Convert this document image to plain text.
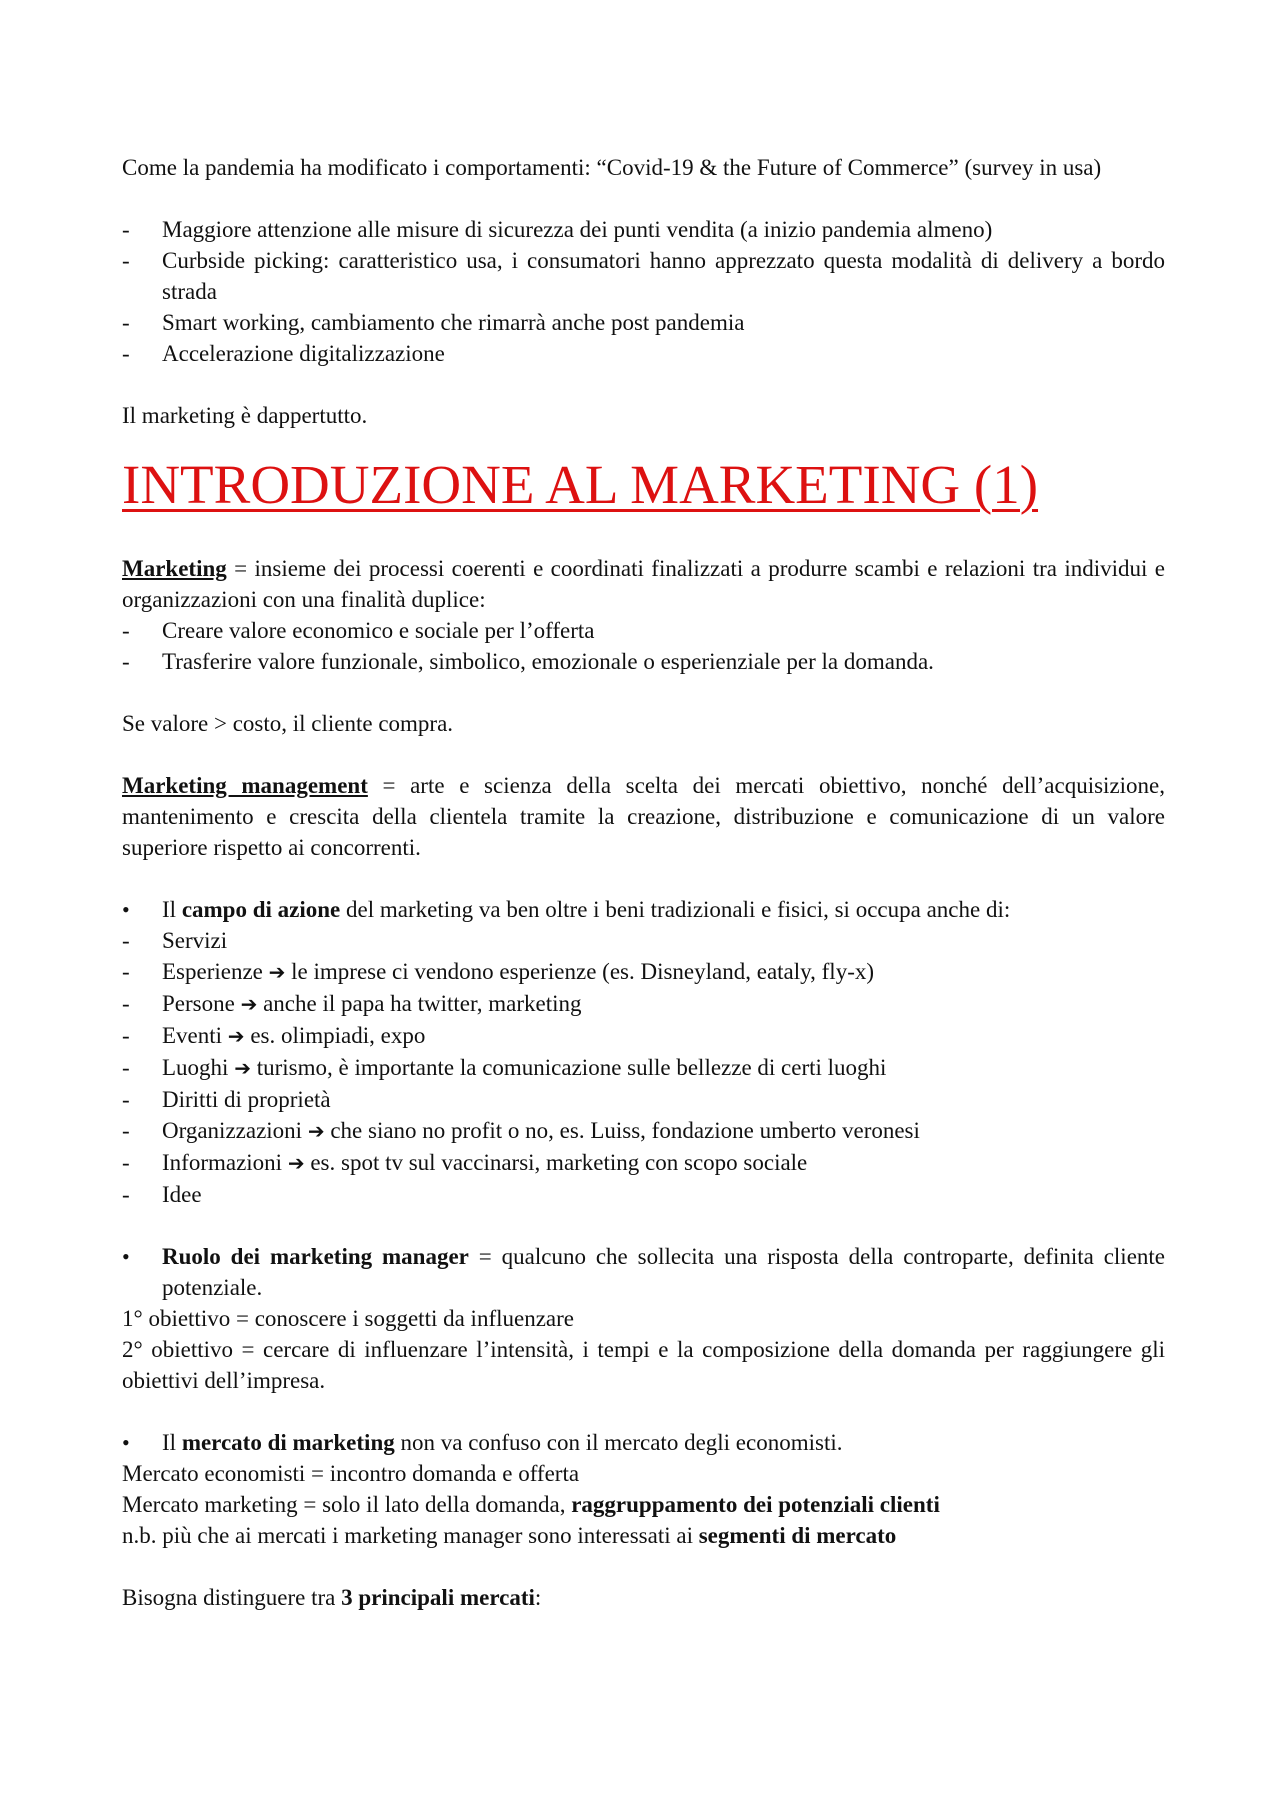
Come la pandemia ha modificato i comportamenti: “Covid-19 & the Future of Commerce” (survey in usa)

-	Maggiore attenzione alle misure di sicurezza dei punti vendita (a inizio pandemia almeno)
-	Curbside picking: caratteristico usa, i consumatori hanno apprezzato questa modalità di delivery a bordo strada
-	Smart working, cambiamento che rimarrà anche post pandemia
-	Accelerazione digitalizzazione

Il marketing è dappertutto.

INTRODUZIONE AL MARKETING (1)

Marketing = insieme dei processi coerenti e coordinati finalizzati a produrre scambi e relazioni tra individui e organizzazioni con una finalità duplice:

-	Creare valore economico e sociale per l’offerta
-	Trasferire valore funzionale, simbolico, emozionale o esperienziale per la domanda.

Se valore > costo, il cliente compra.

Marketing management = arte e scienza della scelta dei mercati obiettivo, nonché dell’acquisizione, mantenimento e crescita della clientela tramite la creazione, distribuzione e comunicazione di un valore superiore rispetto ai concorrenti.

• Il campo di azione del marketing va ben oltre i beni tradizionali e fisici, si occupa anche di:

-	Servizi
-	Esperienze ➔ le imprese ci vendono esperienze (es. Disneyland, eataly, fly-x)
-	Persone ➔ anche il papa ha twitter, marketing
-	Eventi ➔ es. olimpiadi, expo
-	Luoghi ➔ turismo, è importante la comunicazione sulle bellezze di certi luoghi
-	Diritti di proprietà
-	Organizzazioni ➔ che siano no profit o no, es. Luiss, fondazione umberto veronesi
-	Informazioni ➔ es. spot tv sul vaccinarsi, marketing con scopo sociale
-	Idee

• Ruolo dei marketing manager = qualcuno che sollecita una risposta della controparte, definita cliente potenziale.

1° obiettivo = conoscere i soggetti da influenzare

2° obiettivo = cercare di influenzare l’intensità, i tempi e la composizione della domanda per raggiungere gli obiettivi dell’impresa.

• Il mercato di marketing non va confuso con il mercato degli economisti.

Mercato economisti = incontro domanda e offerta

Mercato marketing = solo il lato della domanda, raggruppamento dei potenziali clienti

n.b. più che ai mercati i marketing manager sono interessati ai segmenti di mercato

Bisogna distinguere tra 3 principali mercati:
